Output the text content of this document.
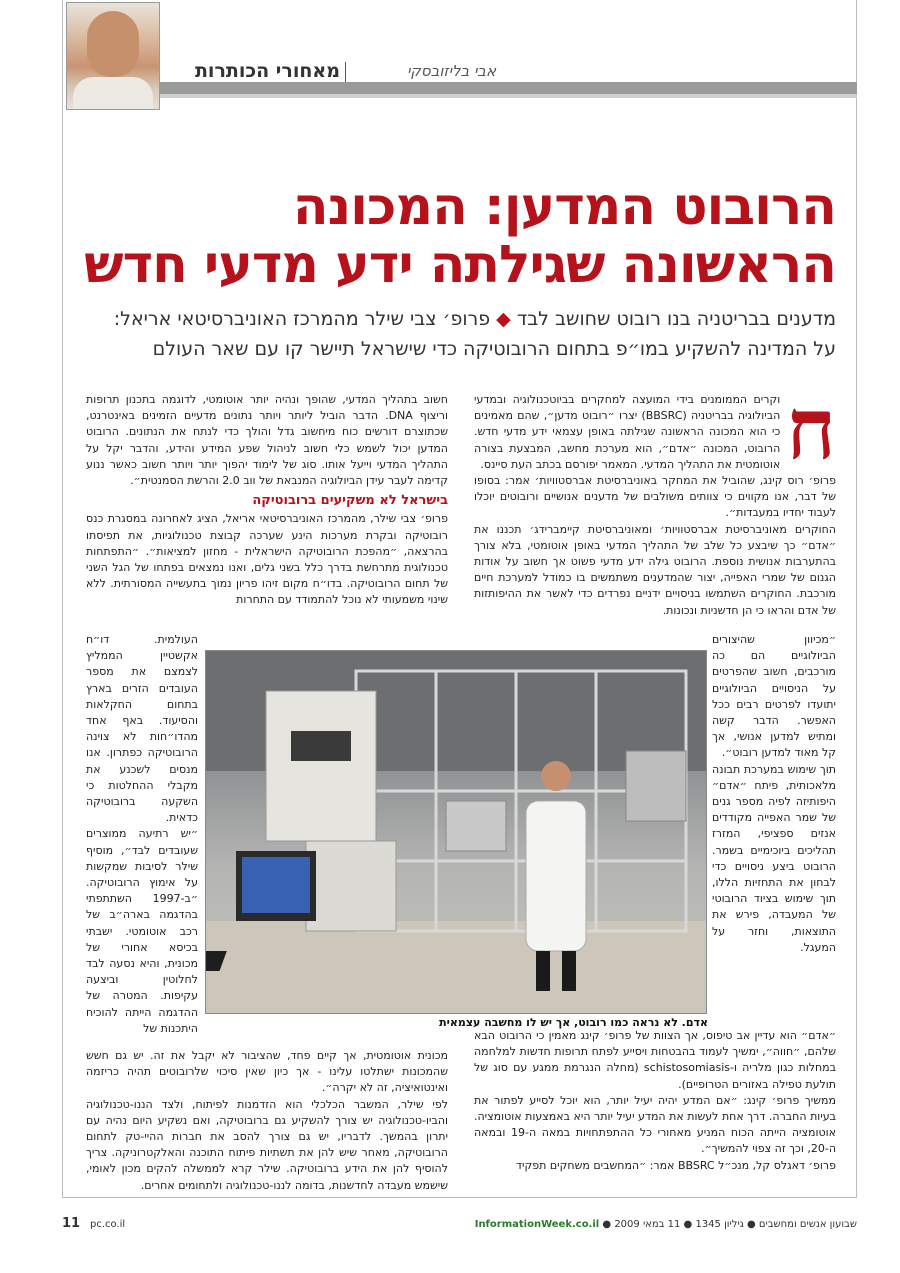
מאחורי הכותרות	אבי בליזובסקי
הרובוט המדען: המכונה
הראשונה שגילתה ידע מדעי חדש
מדענים בבריטניה בנו רובוט שחושב לבד ◆ פרופ׳ צבי שילר מהמרכז האוניברסיטאי אריאל:
על המדינה להשקיע במו״פ בתחום הרובוטיקה כדי שישראל תיישר קו עם שאר העולם
ח

וקרים הממומנים בידי המועצה למחקרים בביוטכנולוגיה ובמדעי הביולוגיה בבריטניה (BBSRC) יצרו ״רובוט מדען״, שהם מאמינים כי הוא המכונה הראשונה שגילתה באופן עצמאי ידע מדעי חדש. הרובוט, המכונה ״אדם״, הוא מערכת מחשב, המבצעת בצורה אוטומטית את התהליך המדעי. המאמר יפורסם בכתב העת סיינס.

פרופ׳ רוס קינג, שהוביל את המחקר באוניברסיטת אברסטוויות׳ אמר: בסופו של דבר, אנו מקווים כי צוותים משולבים של מדענים אנושיים ורובוטים יוכלו לעבוד יחדיו במעבדות״.

החוקרים מאוניברסיטת אברסטוויות׳ ומאוניברסיטת קיימברידג׳ תכננו את ״אדם״ כך שיבצע כל שלב של התהליך המדעי באופן אוטומטי, בלא צורך בהתערבות אנושית נוספת. הרובוט גילה ידע מדעי פשוט אך חשוב על אודות הגנום של שמרי האפייה, יצור שהמדענים משתמשים בו כמודל למערכת חיים מורכבת. החוקרים השתמשו בניסויים ידניים נפרדים כדי לאשר את ההיפותזות של אדם והראו כי הן חדשניות ונכונות.

״מכיוון שהיצורים הביולוגיים הם כה מורכבים, חשוב שהפרטים על הניסויים הביולוגיים יתועדו לפרטים רבים ככל האפשר. הדבר קשה ומתיש למדען אנושי, אך קל מאוד למדען רובוט״.

תוך שימוש במערכת תבונה מלאכותית, פיתח ״אדם״ היפותיזה לפיה מספר גנים של שמר האפייה מקודדים אנזים ספציפי, המזרז תהליכים ביוכימיים בשמר. הרובוט ביצע ניסויים כדי לבחון את התחזיות הללו, תוך שימוש בציוד הרובוטי של המעבדה, פירש את התוצאות, וחזר על המעגל.

״אדם״ הוא עדיין אב טיפוס, אך הצוות של פרופ׳ קינג מאמין כי הרובוט הבא שלהם, ״חווה״, ימשיך לעמוד בהבטחות ויסייע לפתח תרופות חדשות למלחמה במחלות כגון מלריה ו-schistosomiasis (מחלה הנגרמת ממגע עם סוג של תולעת טפילה באזורים הטרופיים).

ממשיך פרופ׳ קינג: ״אם המדע יהיה יעיל יותר, הוא יוכל לסייע לפתור את בעיות החברה. דרך אחת לעשות את המדע יעיל יותר היא באמצעות אוטומציה. אוטומציה הייתה הכוח המניע מאחורי כל ההתפתחויות במאה ה-19 ובמאה ה-20, וכך זה צפוי להמשיך״.

פרופ׳ דאגלס קל, מנכ״ל BBSRC אמר: ״המחשבים משחקים תפקיד

חשוב בתהליך המדעי, שהופך ונהיה יותר אוטומטי, לדוגמה בתכנון תרופות וריצוף DNA. הדבר הוביל ליותר ויותר נתונים מדעיים הזמינים באינטרנט, שכתוצרם דורשים כוח מיחשוב גדל והולך כדי לנתח את הנתונים. הרובוט המדען יכול לשמש כלי חשוב לניהול שפע המידע והידע, והדבר יקל על התהליך המדעי וייעל אותו. סוג של לימוד יהפוך יותר ויותר חשוב כאשר ננוע קדימה לעבר עידן הביולוגיה המנבאת של ווב 2.0 והרשת הסמנטית״.

בישראל לא משקיעים ברובוטיקה

פרופ׳ צבי שילר, מהמרכז האוניברסיטאי אריאל, הציג לאחרונה במסגרת כנס רובוטיקה ובקרת מערכות הינע שערכה קבוצת טכנולוגיות, את תפיסתו בהרצאה, ״מהפכת הרובוטיקה הישראלית - מחזון למציאות״. ״התפתחות טכנולוגית מתרחשת בדרך כלל בשני גלים, ואנו נמצאים בפתחו של הגל השני של תחום הרובוטיקה. בדו״ח מקום זיהו פריון נמוך בתעשייה המסורתית. ללא שינוי משמעותי לא נוכל להתמודד עם התחרות

העולמית. דו״ח אקשטיין הממליץ לצמצם את מספר העובדים הזרים בארץ בתחום החקלאות והסיעוד. באף אחד מהדו״חות לא צוינה הרובוטיקה כפתרון. אנו מנסים לשכנע את מקבלי ההחלטות כי השקעה ברובוטיקה כדאית.

״יש רתיעה ממוצרים שעובדים לבד״, מוסיף שילר לסיבות שמקשות על אימוץ הרובוטיקה. ״ב-1997 השתתפתי בהדגמה בארה״ב של רכב אוטומטי. ישבתי בכיסא אחורי של מכונית, והיא נסעה לבד לחלוטין וביצעה עקיפות. המטרה של ההדגמה הייתה להוכיח היתכנות של

מכונית אוטומטית, אך קיים פחד, שהציבור לא יקבל את זה. יש גם חשש שהמכונות ישתלטו עלינו - אך כיון שאין סיכוי שלרובוטים תהיה כריזמה ואינטואיציה, זה לא יקרה״.

לפי שילר, המשבר הכלכלי הוא הזדמנות לפיתוח, ולצד הננו-טכנולוגיה והביו-טכנולוגיה יש צורך להשקיע גם ברובוטיקה, ואם נשקיע היום נהיה עם יתרון בהמשך. לדבריו, יש גם צורך להסב את חברות ההיי-טק לתחום הרובוטיקה, מאחר שיש להן את תשתיות פיתוח התוכנה והאלקטרוניקה. צריך להוסיף להן את הידע ברובוטיקה. שילר קרא לממשלה להקים מכון לאומי, שישמש מעבדה לחדשנות, בדומה לננו-טכנולוגיה ולתחומים אחרים.

אדם. לא נראה כמו רובוט, אך יש לו מחשבה עצמאית
11 pc.co.il	שבועון אנשים ומחשבים ● גיליון 1345 ● 11 במאי 2009 ● InformationWeek.co.il
